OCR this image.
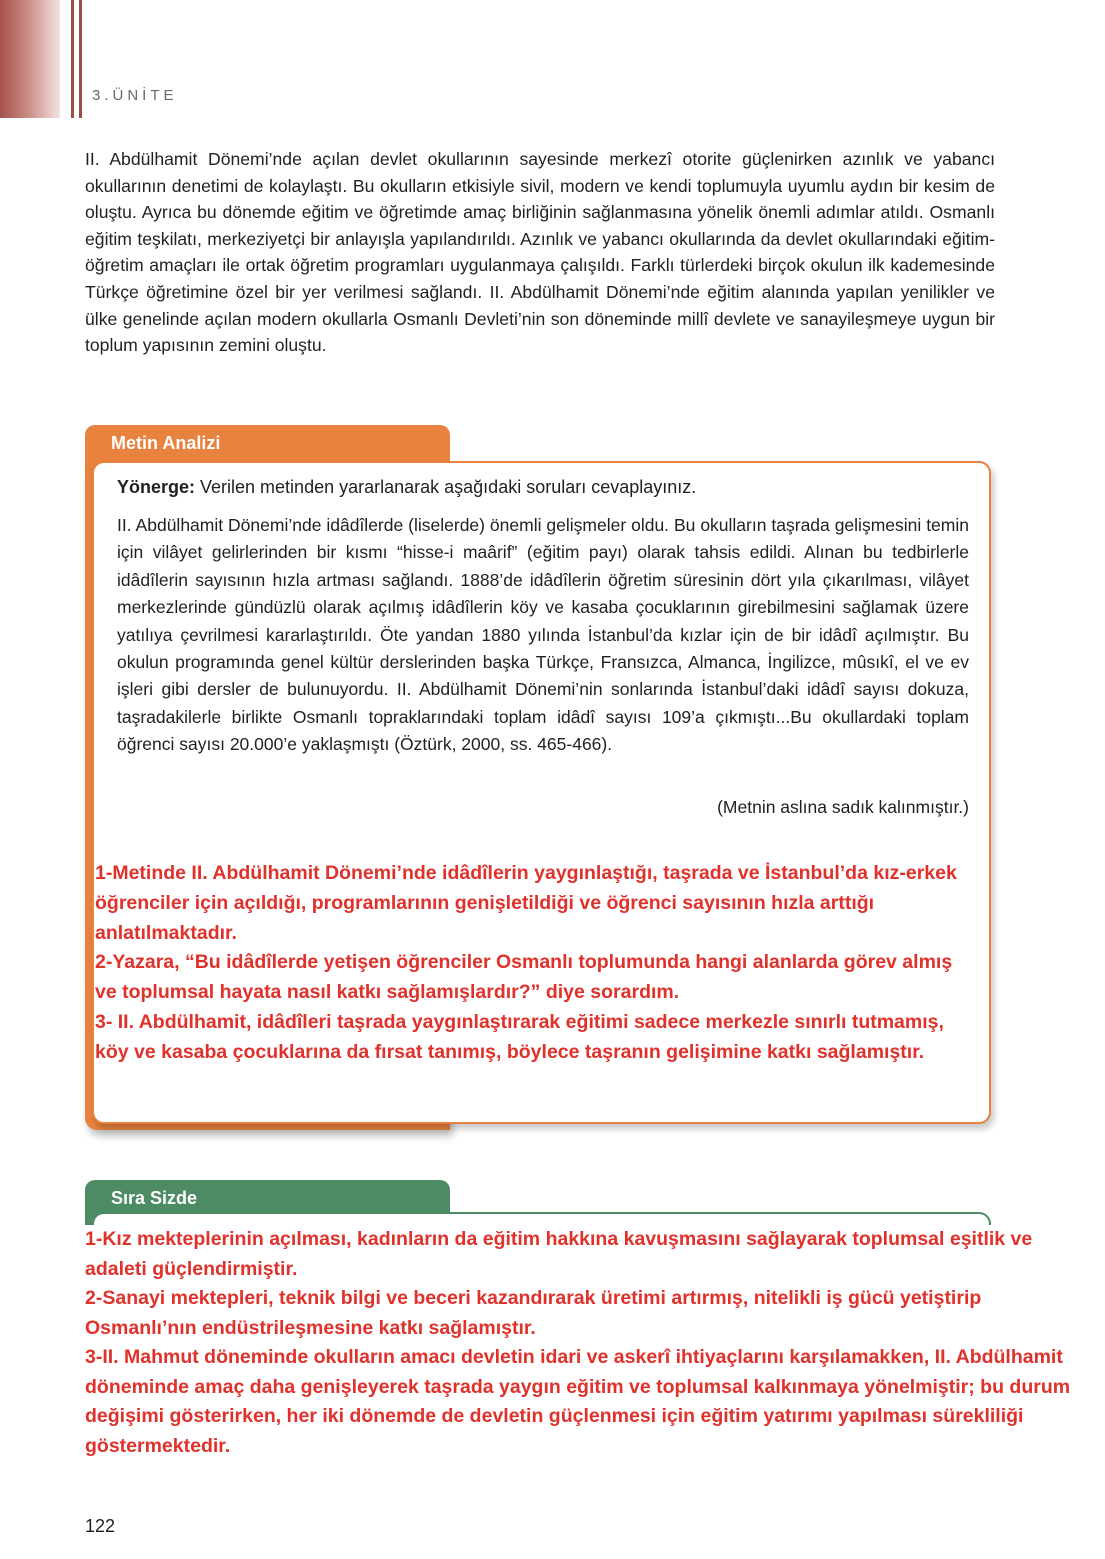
3.ÜNİTE

II. Abdülhamit Dönemi’nde açılan devlet okullarının sayesinde merkezî otorite güçlenirken azınlık ve yabancı okullarının denetimi de kolaylaştı. Bu okulların etkisiyle sivil, modern ve kendi toplumuyla uyumlu aydın bir kesim de oluştu. Ayrıca bu dönemde eğitim ve öğretimde amaç birliğinin sağlanmasına yönelik önemli adımlar atıldı. Osmanlı eğitim teşkilatı, merkeziyetçi bir anlayışla yapılandırıldı. Azınlık ve yabancı okullarında da devlet okullarındaki eğitim-öğretim amaçları ile ortak öğretim programları uygulanmaya çalışıldı. Farklı türlerdeki birçok okulun ilk kademesinde Türkçe öğretimine özel bir yer verilmesi sağlandı. II. Abdülhamit Dönemi’nde eğitim alanında yapılan yenilikler ve ülke genelinde açılan modern okullarla Osmanlı Devleti’nin son döneminde millî devlete ve sanayileşmeye uygun bir toplum yapısının zemini oluştu.

Metin Analizi

Yönerge: Verilen metinden yararlanarak aşağıdaki soruları cevaplayınız.

II. Abdülhamit Dönemi’nde idâdîlerde (liselerde) önemli gelişmeler oldu. Bu okulların taşrada gelişmesini temin için vilâyet gelirlerinden bir kısmı “hisse-i maârif” (eğitim payı) olarak tahsis edildi. Alınan bu tedbirlerle idâdîlerin sayısının hızla artması sağlandı. 1888’de idâdîlerin öğretim süresinin dört yıla çıkarılması, vilâyet merkezlerinde gündüzlü olarak açılmış idâdîlerin köy ve kasaba çocuklarının girebilmesini sağlamak üzere yatılıya çevrilmesi kararlaştırıldı. Öte yandan 1880 yılında İstanbul’da kızlar için de bir idâdî açılmıştır. Bu okulun programında genel kültür derslerinden başka Türkçe, Fransızca, Almanca, İngilizce, mûsıkî, el ve ev işleri gibi dersler de bulunuyordu. II. Abdülhamit Dönemi’nin sonlarında İstanbul’daki idâdî sayısı dokuza, taşradakilerle birlikte Osmanlı topraklarındaki toplam idâdî sayısı 109’a çıkmıştı...Bu okullardaki toplam öğrenci sayısı 20.000’e yaklaşmıştı (Öztürk, 2000, ss. 465-466).

(Metnin aslına sadık kalınmıştır.)

1-Metinde II. Abdülhamit Dönemi’nde idâdîlerin yaygınlaştığı, taşrada ve İstanbul’da kız-erkek öğrenciler için açıldığı, programlarının genişletildiği ve öğrenci sayısının hızla arttığı anlatılmaktadır.
2-Yazara, “Bu idâdîlerde yetişen öğrenciler Osmanlı toplumunda hangi alanlarda görev almış ve toplumsal hayata nasıl katkı sağlamışlardır?” diye sorardım.
3- II. Abdülhamit, idâdîleri taşrada yaygınlaştırarak eğitimi sadece merkezle sınırlı tutmamış, köy ve kasaba çocuklarına da fırsat tanımış, böylece taşranın gelişimine katkı sağlamıştır.
Sıra Sizde
1-Kız mekteplerinin açılması, kadınların da eğitim hakkına kavuşmasını sağlayarak toplumsal eşitlik ve adaleti güçlendirmiştir.
2-Sanayi mektepleri, teknik bilgi ve beceri kazandırarak üretimi artırmış, nitelikli iş gücü yetiştirip Osmanlı’nın endüstrileşmesine katkı sağlamıştır.
3-II. Mahmut döneminde okulların amacı devletin idari ve askerî ihtiyaçlarını karşılamakken, II. Abdülhamit döneminde amaç daha genişleyerek taşrada yaygın eğitim ve toplumsal kalkınmaya yönelmiştir; bu durum değişimi gösterirken, her iki dönemde de devletin güçlenmesi için eğitim yatırımı yapılması sürekliliği göstermektedir.
122
